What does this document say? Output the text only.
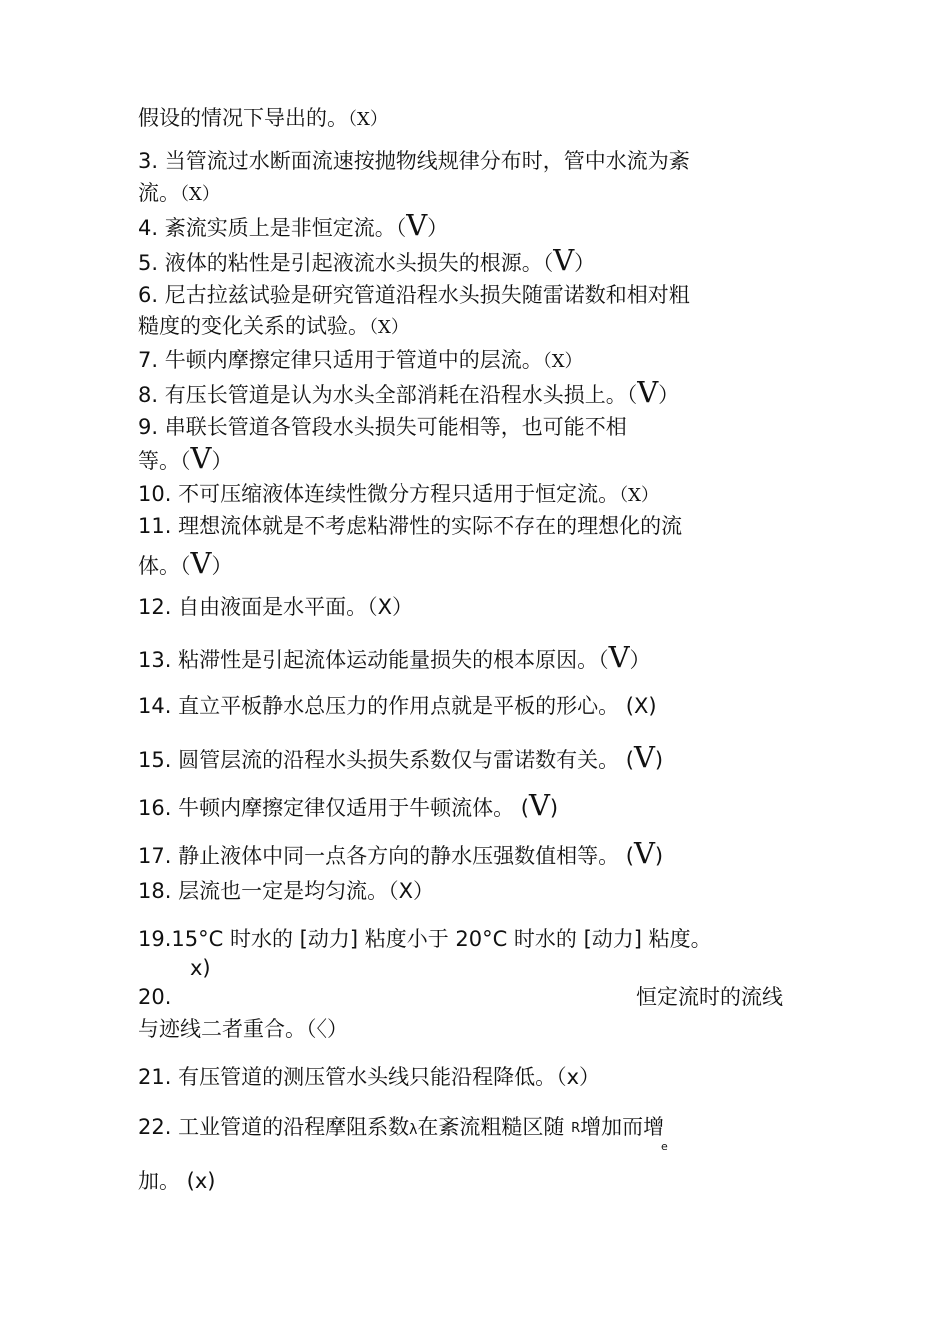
假设的情况下导出的。（X）
3. 当管流过水断面流速按抛物线规律分布时，管中水流为紊
流。（X）
4. 紊流实质上是非恒定流。（V）
5. 液体的粘性是引起液流水头损失的根源。（V）
6. 尼古拉兹试验是研究管道沿程水头损失随雷诺数和相对粗
糙度的变化关系的试验。（X）
7. 牛顿内摩擦定律只适用于管道中的层流。（X）
8. 有压长管道是认为水头全部消耗在沿程水头损上。（V）
9. 串联长管道各管段水头损失可能相等，也可能不相
等。（V）
10. 不可压缩液体连续性微分方程只适用于恒定流。（X）
11. 理想流体就是不考虑粘滞性的实际不存在的理想化的流
体。（V）
12. 自由液面是水平面。（X）
13. 粘滞性是引起流体运动能量损失的根本原因。（V）
14. 直立平板静水总压力的作用点就是平板的形心。 (X)
15. 圆管层流的沿程水头损失系数仅与雷诺数有关。 (V)
16. 牛顿内摩擦定律仅适用于牛顿流体。 (V)
17. 静止液体中同一点各方向的静水压强数值相等。 (V)
18. 层流也一定是均匀流。（X）
19.15°C 时水的 [动力] 粘度小于 20°C 时水的 [动力] 粘度。
x)
20.	恒定流时的流线
与迹线二者重合。（〈）
21. 有压管道的测压管水头线只能沿程降低。（x）
22. 工业管道的沿程摩阻系数λ在紊流粗糙区随 R增加而增
e
加。 (x)
